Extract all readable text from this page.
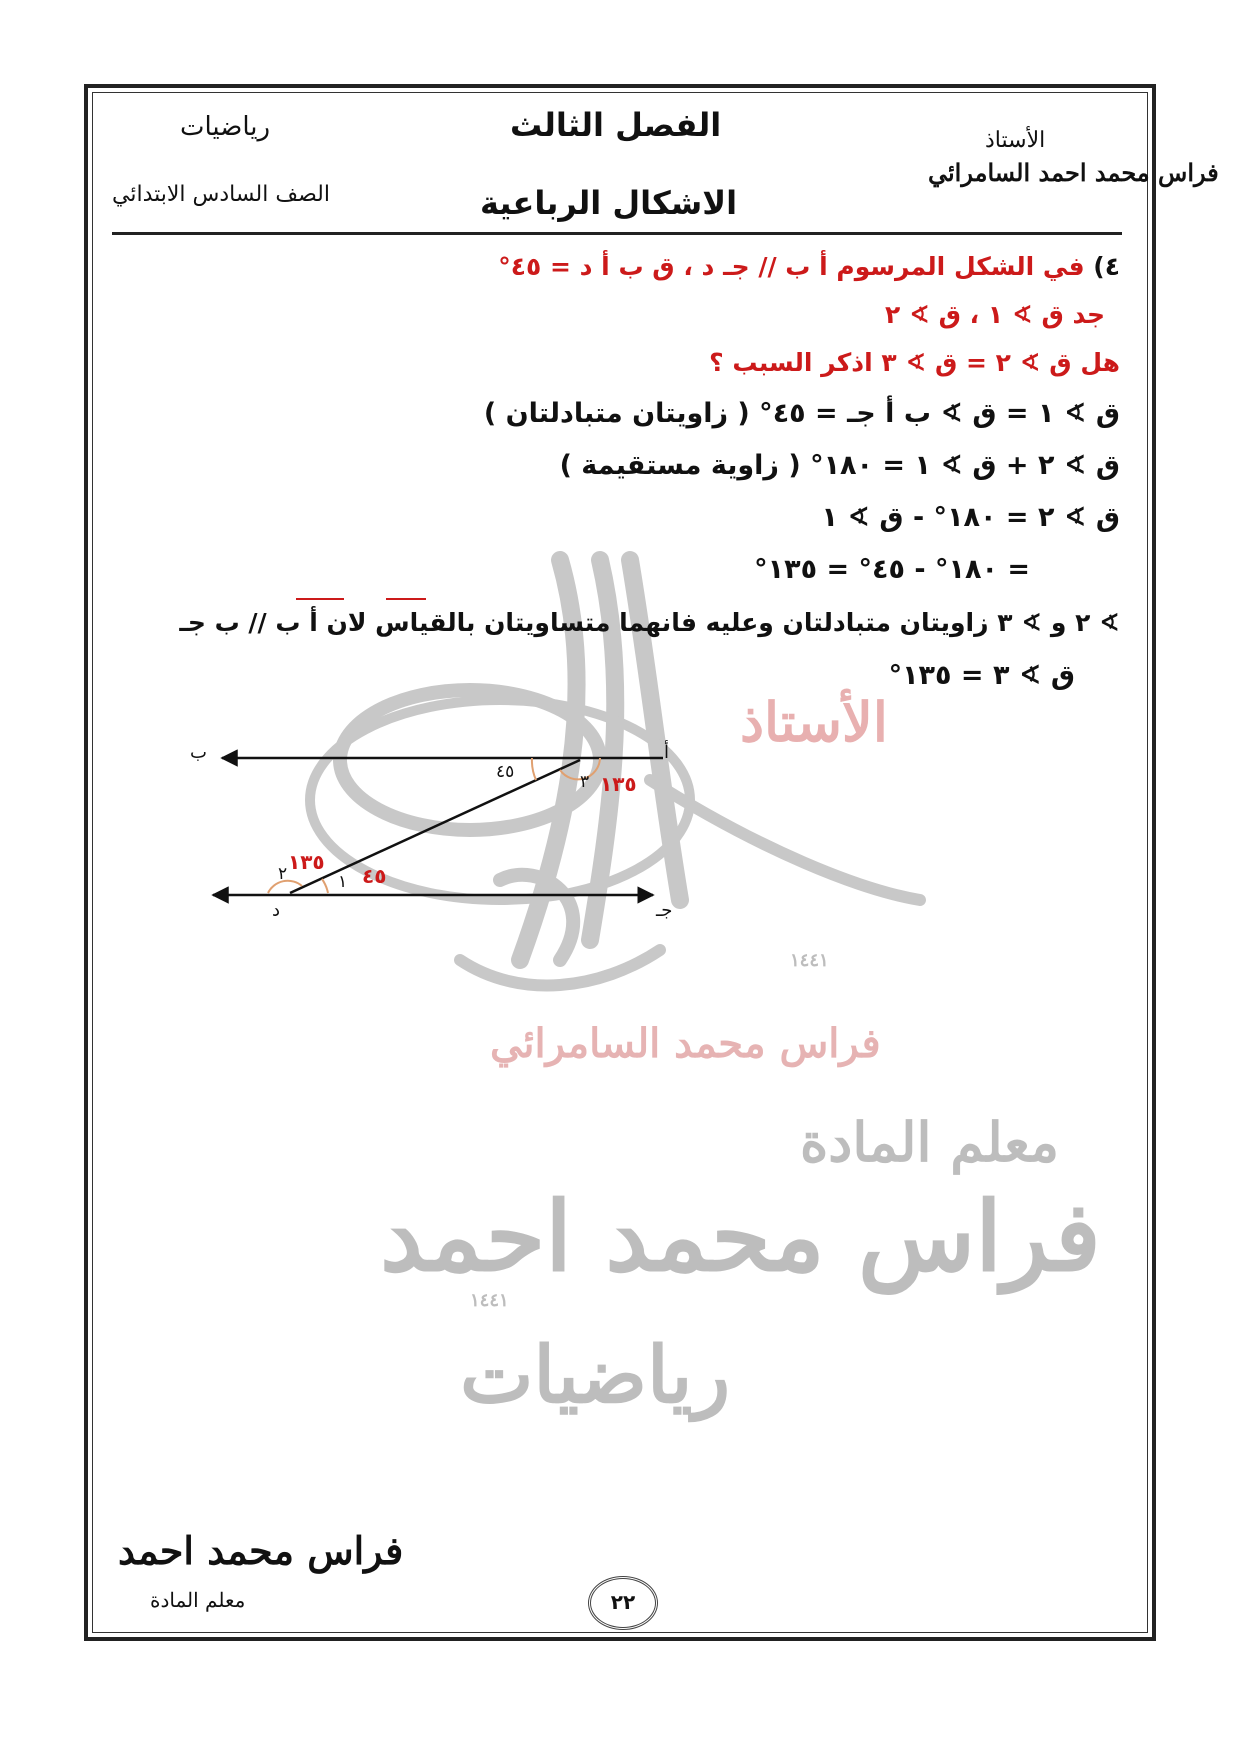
الأستاذ
فراس محمد السامرائي
١٤٤١
معلم المادة
فراس محمد احمد
١٤٤١
رياضيات
رياضيات
الصف السادس الابتدائي
الفصل الثالث
الاشكال الرباعية
الأستاذ
فراس محمد احمد السامرائي
٤) في الشكل المرسوم أ ب // جـ د ، ق ب أ د = ٤٥°
جد ق ∢ ١ ، ق ∢ ٢
هل ق ∢ ٢ = ق ∢ ٣ اذكر السبب ؟
ق ∢ ١ = ق ∢ ب أ جـ = ٤٥° ( زاويتان متبادلتان )
ق ∢ ٢ + ق ∢ ١ = ١٨٠° ( زاوية مستقيمة )
ق ∢ ٢ = ١٨٠° - ق ∢ ١
= ١٨٠° - ٤٥° = ١٣٥°
∢ ٢ و ∢ ٣ زاويتان متبادلتان وعليه فانهما متساويتان بالقياس لان أ ب // ب جـ
ق ∢ ٣ = ١٣٥°
أ
ب
جـ
د
٤٥	٣ ١٣٥
١ ٤٥
٢ ١٣٥
فراس محمد احمد
معلم المادة	٢٢
